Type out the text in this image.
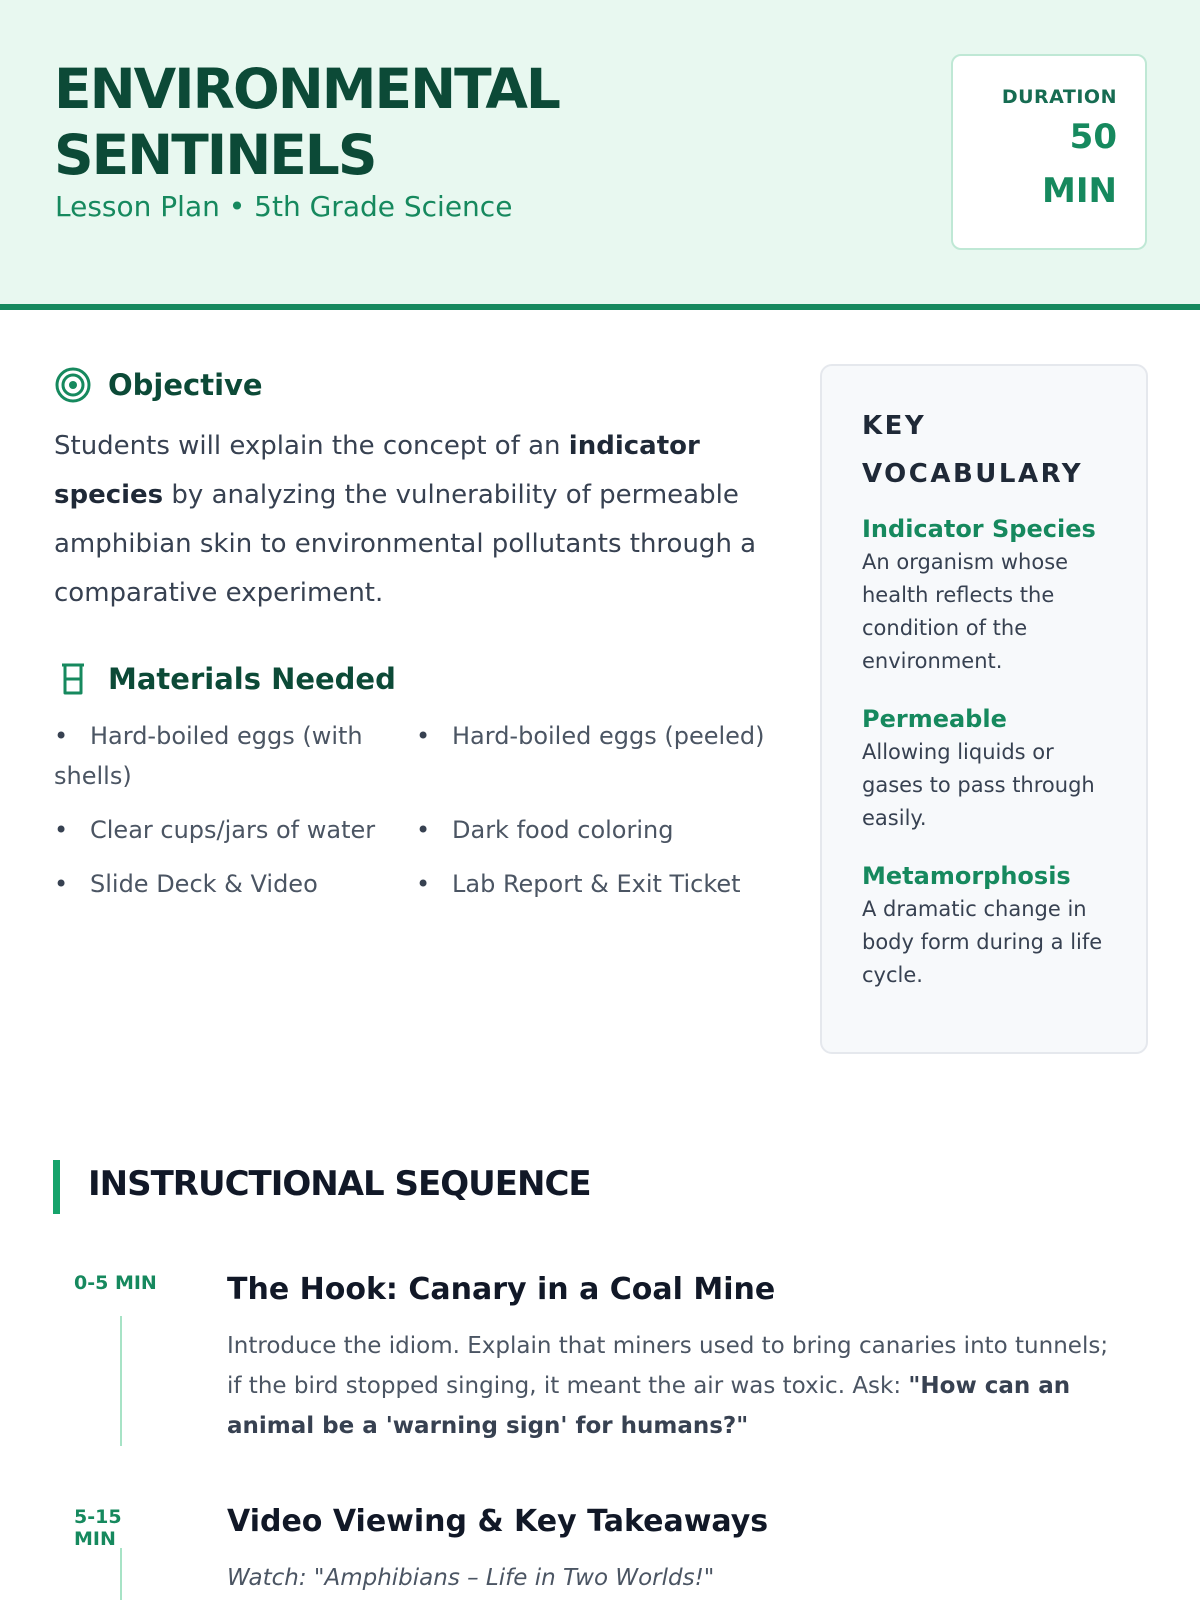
ENVIRONMENTAL
SENTINELS
Lesson Plan • 5th Grade Science
DURATION
50
MIN
Objective
Students will explain the concept of an indicator species by analyzing the vulnerability of permeable amphibian skin to environmental pollutants through a comparative experiment.
Materials Needed
• Hard-boiled eggs (with shells)
• Hard-boiled eggs (peeled)
• Clear cups/jars of water	• Dark food coloring
• Slide Deck & Video	• Lab Report & Exit Ticket
KEY
VOCABULARY
Indicator Species
An organism whose health reflects the condition of the environment.
Permeable
Allowing liquids or gases to pass through easily.
Metamorphosis
A dramatic change in body form during a life cycle.
INSTRUCTIONAL SEQUENCE
0-5 MIN	The Hook: Canary in a Coal Mine
Introduce the idiom. Explain that miners used to bring canaries into tunnels; if the bird stopped singing, it meant the air was toxic. Ask: "How can an animal be a 'warning sign' for humans?"
5-15 MIN	Video Viewing & Key Takeaways
Watch: "Amphibians – Life in Two Worlds!"
